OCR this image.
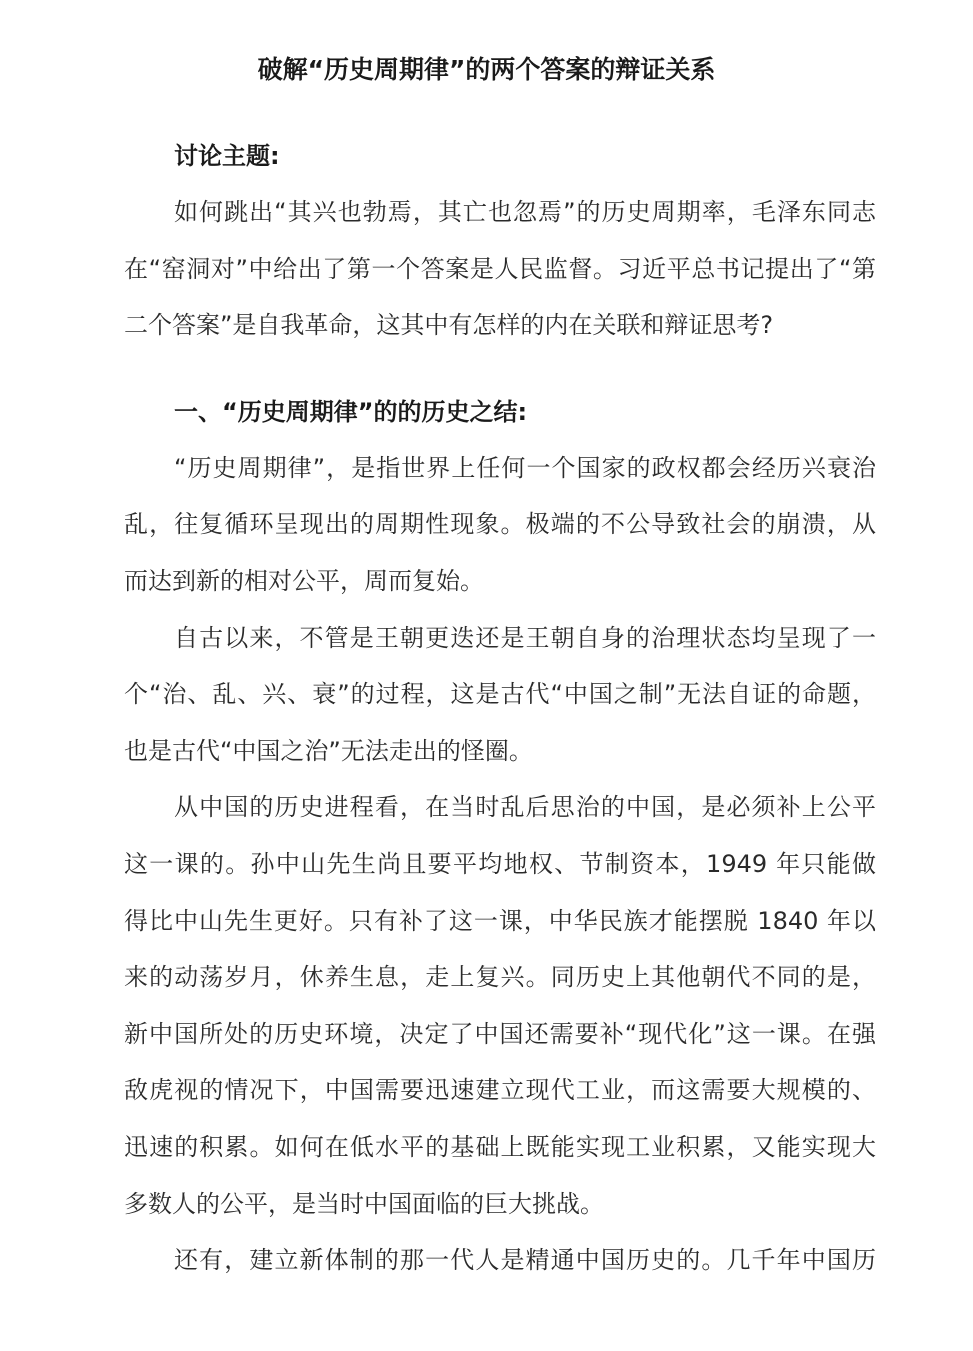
破解“历史周期律”的两个答案的辩证关系
讨论主题:
如何跳出“其兴也勃焉，其亡也忽焉”的历史周期率，毛泽东同志
在“窑洞对”中给出了第一个答案是人民监督。习近平总书记提出了“第
二个答案”是自我革命，这其中有怎样的内在关联和辩证思考?
一、“历史周期律”的的历史之结:
“历史周期律”，是指世界上任何一个国家的政权都会经历兴衰治
乱，往复循环呈现出的周期性现象。极端的不公导致社会的崩溃，从
而达到新的相对公平，周而复始。
自古以来，不管是王朝更迭还是王朝自身的治理状态均呈现了一
个“治、乱、兴、衰”的过程，这是古代“中国之制”无法自证的命题，
也是古代“中国之治”无法走出的怪圈。
从中国的历史进程看，在当时乱后思治的中国，是必须补上公平
这一课的。孙中山先生尚且要平均地权、节制资本，1949 年只能做
得比中山先生更好。只有补了这一课，中华民族才能摆脱 1840 年以
来的动荡岁月，休养生息，走上复兴。同历史上其他朝代不同的是，
新中国所处的历史环境，决定了中国还需要补“现代化”这一课。在强
敌虎视的情况下，中国需要迅速建立现代工业，而这需要大规模的、
迅速的积累。如何在低水平的基础上既能实现工业积累，又能实现大
多数人的公平，是当时中国面临的巨大挑战。
还有，建立新体制的那一代人是精通中国历史的。几千年中国历
